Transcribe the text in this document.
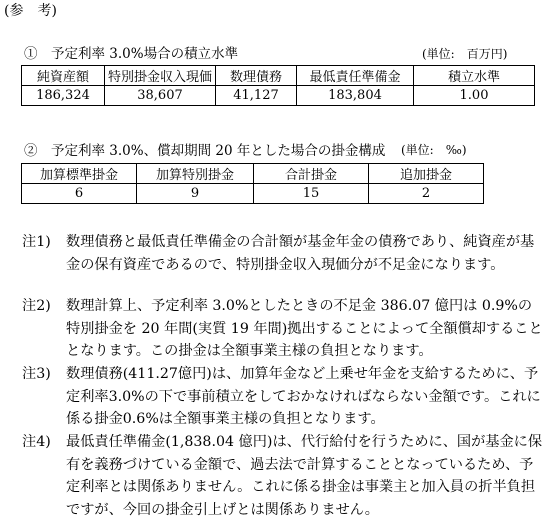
(参　考)
①　予定利率 3.0%場合の積立水準	(単位:　百万円)
純資産額	特別掛金収入現価	数理債務	最低責任準備金	積立水準
186,324	38,607	41,127	183,804	1.00
②　予定利率 3.0%、償却期間 20 年とした場合の掛金構成 (単位:　‰)
加算標準掛金	加算特別掛金	合計掛金	追加掛金
6	9	15	2
注1) 数理債務と最低責任準備金の合計額が基金年金の債務であり、純資産が基金の保有資産であるので、特別掛金収入現価分が不足金になります。
注2) 数理計算上、予定利率 3.0%としたときの不足金 386.07 億円は 0.9%の特別掛金を 20 年間(実質 19 年間)拠出することによって全額償却することとなります。この掛金は全額事業主様の負担となります。
注3) 数理債務(411.27億円)は、加算年金など上乗せ年金を支給するために、予定利率3.0%の下で事前積立をしておかなければならない金額です。これに係る掛金0.6%は全額事業主様の負担となります。
注4) 最低責任準備金(1,838.04 億円)は、代行給付を行うために、国が基金に保有を義務づけている金額で、過去法で計算することとなっているため、予定利率とは関係ありません。これに係る掛金は事業主と加入員の折半負担ですが、今回の掛金引上げとは関係ありません。
